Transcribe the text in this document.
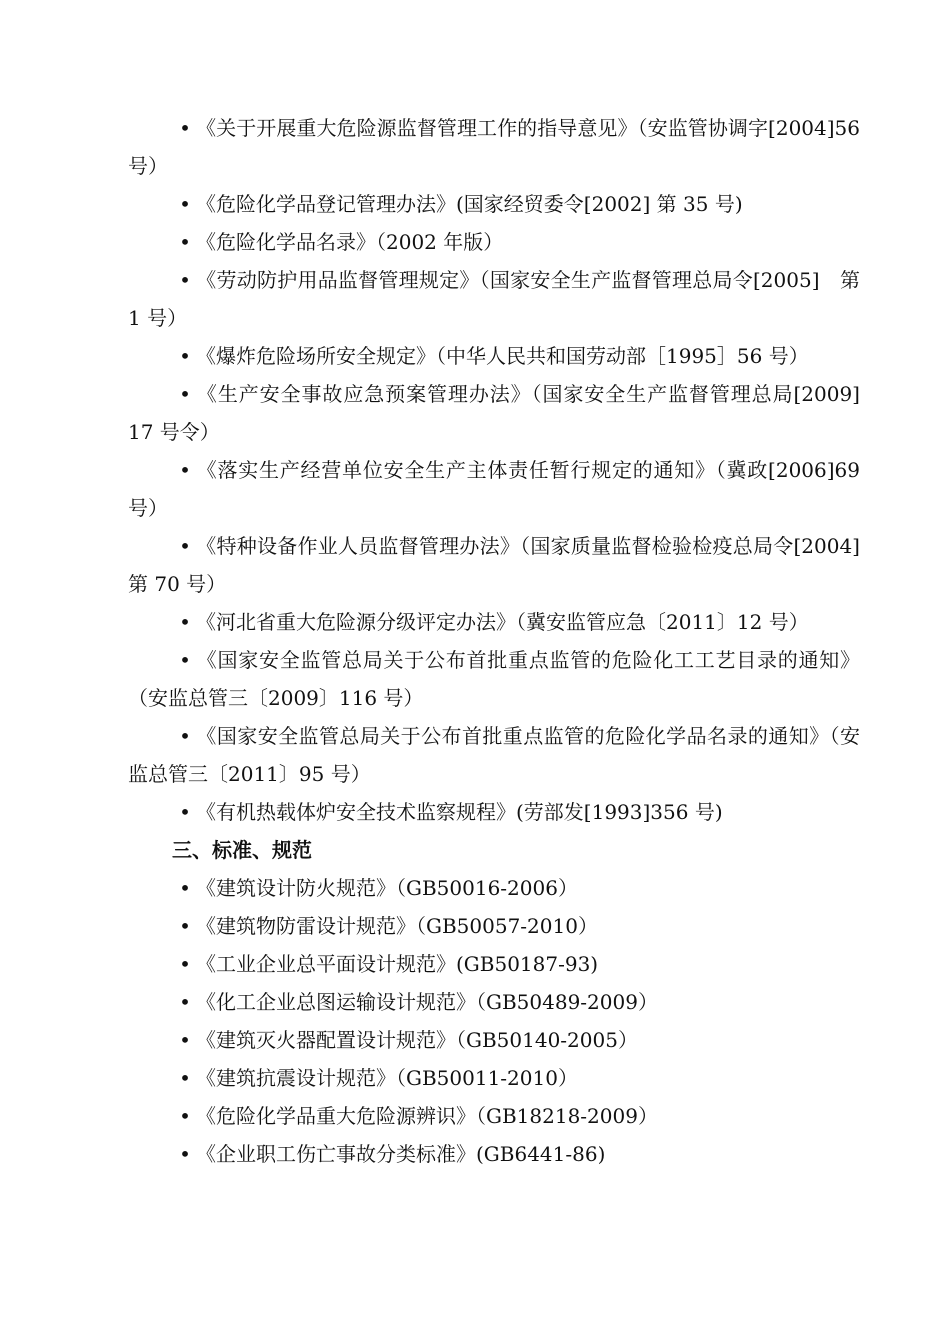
• 《关于开展重大危险源监督管理工作的指导意见》（安监管协调字[2004]56 号）

• 《危险化学品登记管理办法》(国家经贸委令[2002] 第 35 号)

• 《危险化学品名录》（2002 年版）

• 《劳动防护用品监督管理规定》（国家安全生产监督管理总局令[2005]　第 1 号）

• 《爆炸危险场所安全规定》（中华人民共和国劳动部［1995］56 号）

• 《生产安全事故应急预案管理办法》（国家安全生产监督管理总局[2009] 17 号令）

• 《落实生产经营单位安全生产主体责任暂行规定的通知》（冀政[2006]69 号）

• 《特种设备作业人员监督管理办法》（国家质量监督检验检疫总局令[2004]第 70 号）

• 《河北省重大危险源分级评定办法》（冀安监管应急〔2011〕12 号）

• 《国家安全监管总局关于公布首批重点监管的危险化工工艺目录的通知》（安监总管三〔2009〕116 号）

• 《国家安全监管总局关于公布首批重点监管的危险化学品名录的通知》（安监总管三〔2011〕95 号）

• 《有机热载体炉安全技术监察规程》(劳部发[1993]356 号)

三、标准、规范

• 《建筑设计防火规范》（GB50016-2006）

• 《建筑物防雷设计规范》（GB50057-2010）

• 《工业企业总平面设计规范》(GB50187-93)

• 《化工企业总图运输设计规范》（GB50489-2009）

• 《建筑灭火器配置设计规范》（GB50140-2005）

• 《建筑抗震设计规范》（GB50011-2010）

• 《危险化学品重大危险源辨识》（GB18218-2009）

• 《企业职工伤亡事故分类标准》(GB6441-86)
